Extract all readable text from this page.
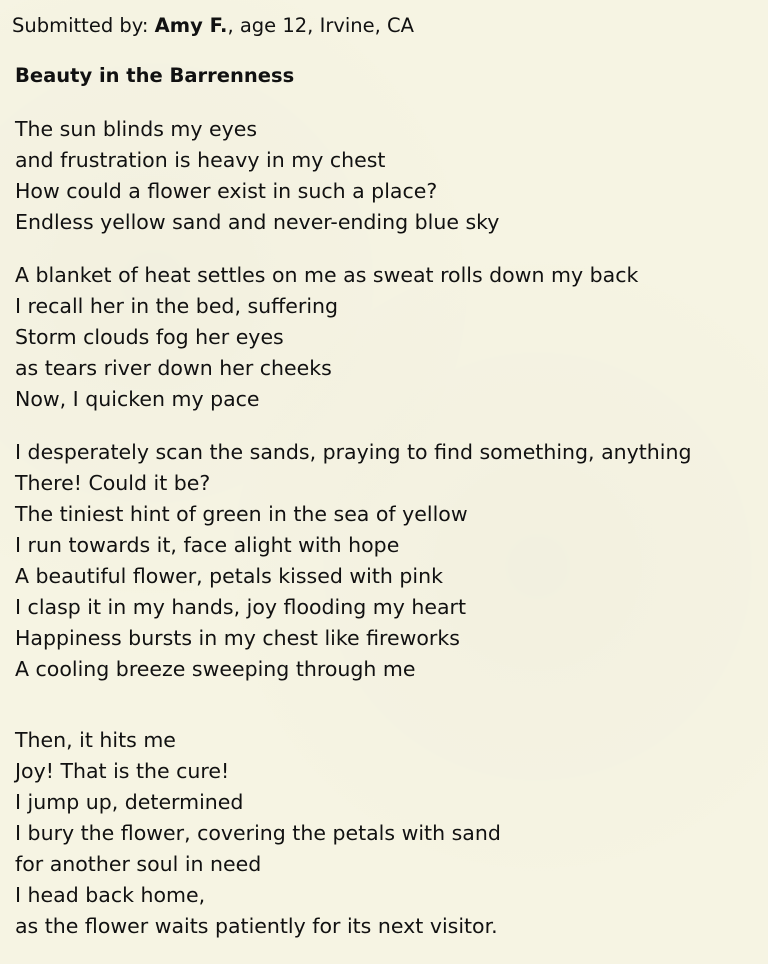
Submitted by: Amy F., age 12, Irvine, CA
Beauty in the Barrenness
The sun blinds my eyes
and frustration is heavy in my chest
How could a flower exist in such a place?
Endless yellow sand and never-ending blue sky
A blanket of heat settles on me as sweat rolls down my back
I recall her in the bed, suffering
Storm clouds fog her eyes
as tears river down her cheeks
Now, I quicken my pace
I desperately scan the sands, praying to find something, anything
There! Could it be?
The tiniest hint of green in the sea of yellow
I run towards it, face alight with hope
A beautiful flower, petals kissed with pink
I clasp it in my hands, joy flooding my heart
Happiness bursts in my chest like fireworks
A cooling breeze sweeping through me
Then, it hits me
Joy! That is the cure!
I jump up, determined
I bury the flower, covering the petals with sand
for another soul in need
I head back home,
as the flower waits patiently for its next visitor.
